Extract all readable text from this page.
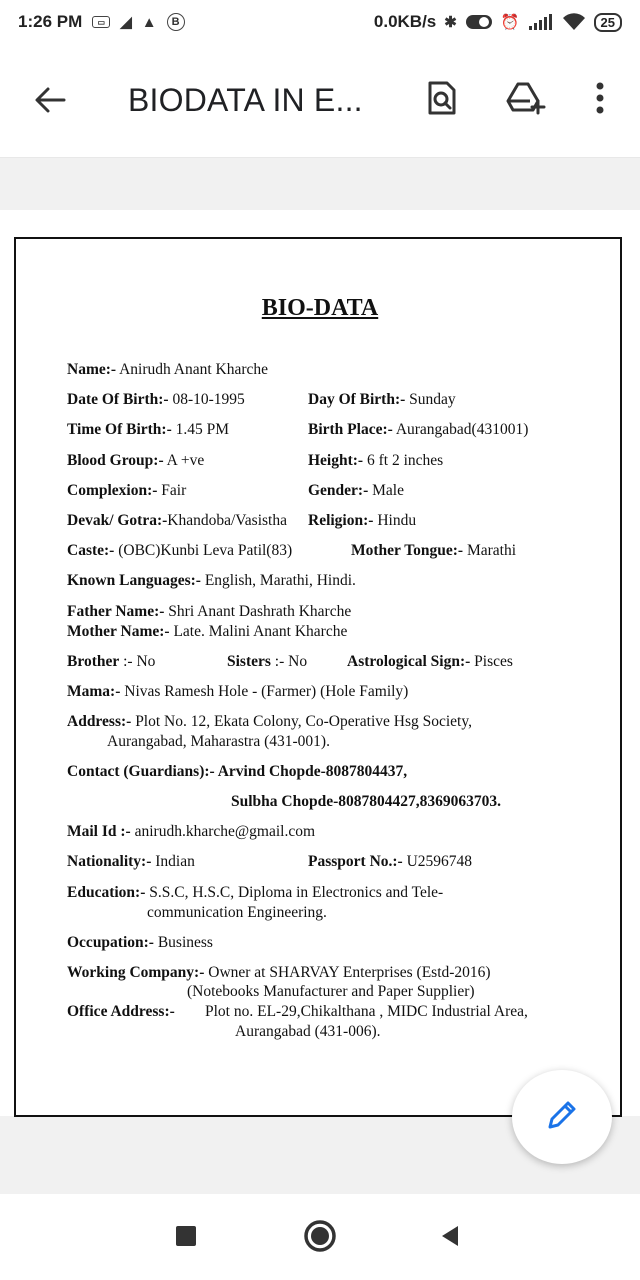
1:26 PM	▭	◢ ▲	B	0.0KB/s ✱	⏰	25
BIODATA IN E...
BIO-DATA
Name:- Anirudh Anant Kharche
Date Of Birth:- 08-10-1995	Day Of Birth:- Sunday
Time Of Birth:- 1.45 PM	Birth Place:- Aurangabad(431001)
Blood Group:- A +ve	Height:- 6 ft 2 inches
Complexion:- Fair	Gender:- Male
Devak/ Gotra:-Khandoba/Vasistha Religion:- Hindu
Caste:- (OBC)Kunbi Leva Patil(83)	Mother Tongue:- Marathi
Known Languages:- English, Marathi, Hindi.
Father Name:- Shri Anant Dashrath Kharche
Mother Name:- Late. Malini Anant Kharche
Brother :- No	Sisters :- No	Astrological Sign:- Pisces
Mama:- Nivas Ramesh Hole - (Farmer) (Hole Family)
Address:- Plot No. 12, Ekata Colony, Co-Operative Hsg Society,
Aurangabad, Maharastra (431-001).
Contact (Guardians):- Arvind Chopde-8087804437,
Sulbha Chopde-8087804427,8369063703.
Mail Id :- anirudh.kharche@gmail.com
Nationality:- Indian	Passport No.:- U2596748
Education:- S.S.C, H.S.C, Diploma in Electronics and Tele-
communication Engineering.
Occupation:- Business
Working Company:- Owner at SHARVAY Enterprises (Estd-2016)
(Notebooks Manufacturer and Paper Supplier)
Office Address:- Plot no. EL-29,Chikalthana , MIDC Industrial Area,
Aurangabad (431-006).
